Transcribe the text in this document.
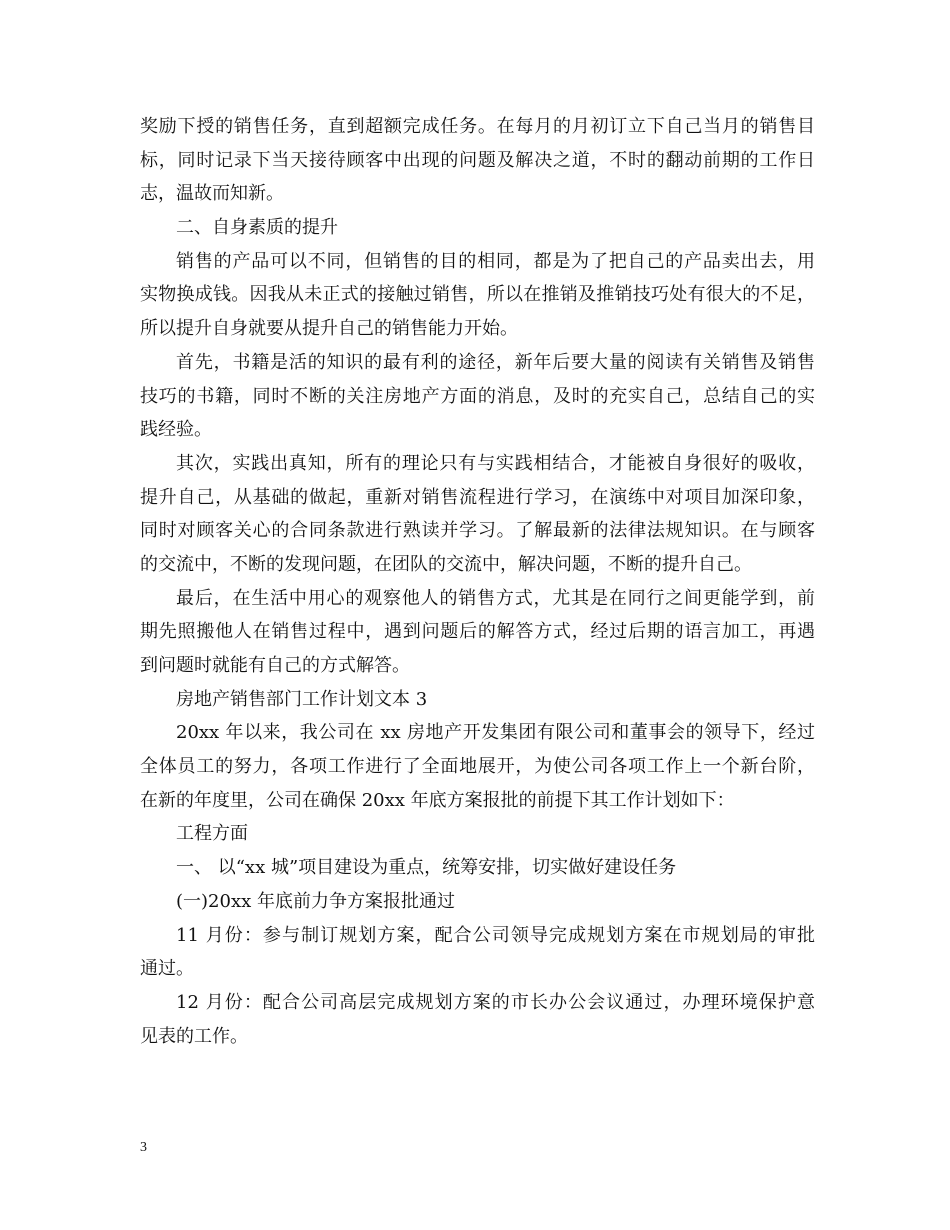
奖励下授的销售任务，直到超额完成任务。在每月的月初订立下自己当月的销售目
标，同时记录下当天接待顾客中出现的问题及解决之道，不时的翻动前期的工作日
志，温故而知新。
二、自身素质的提升
销售的产品可以不同，但销售的目的相同，都是为了把自己的产品卖出去，用
实物换成钱。因我从未正式的接触过销售，所以在推销及推销技巧处有很大的不足，
所以提升自身就要从提升自己的销售能力开始。
首先，书籍是活的知识的最有利的途径，新年后要大量的阅读有关销售及销售
技巧的书籍，同时不断的关注房地产方面的消息，及时的充实自己，总结自己的实
践经验。
其次，实践出真知，所有的理论只有与实践相结合，才能被自身很好的吸收，
提升自己，从基础的做起，重新对销售流程进行学习，在演练中对项目加深印象，
同时对顾客关心的合同条款进行熟读并学习。了解最新的法律法规知识。在与顾客
的交流中，不断的发现问题，在团队的交流中，解决问题，不断的提升自己。
最后，在生活中用心的观察他人的销售方式，尤其是在同行之间更能学到，前
期先照搬他人在销售过程中，遇到问题后的解答方式，经过后期的语言加工，再遇
到问题时就能有自己的方式解答。
房地产销售部门工作计划文本 3
20xx 年以来，我公司在 xx 房地产开发集团有限公司和董事会的领导下，经过
全体员工的努力，各项工作进行了全面地展开，为使公司各项工作上一个新台阶，
在新的年度里，公司在确保 20xx 年底方案报批的前提下其工作计划如下：
工程方面
一、 以“xx 城”项目建设为重点，统筹安排，切实做好建设任务
(一)20xx 年底前力争方案报批通过
11 月份：参与制订规划方案，配合公司领导完成规划方案在市规划局的审批
通过。
12 月份：配合公司高层完成规划方案的市长办公会议通过，办理环境保护意
见表的工作。
3
